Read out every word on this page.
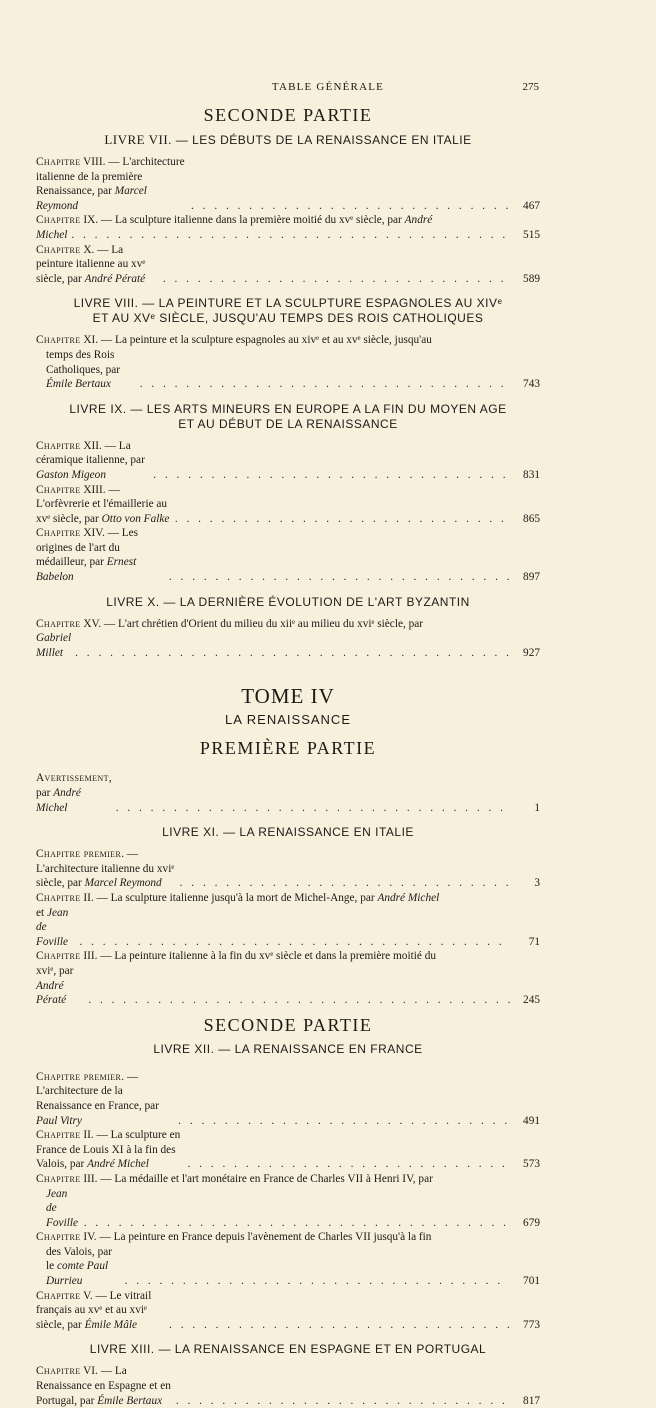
TABLE GÉNÉRALE	275
SECONDE PARTIE
LIVRE VII. — LES DÉBUTS DE LA RENAISSANCE EN ITALIE
Chapitre VIII. — L'architecture italienne de la première Renaissance, par Marcel Reymond . . .	467
Chapitre IX. — La sculpture italienne dans la première moitié du xvᵉ siècle, par André
Michel . . .	515
Chapitre X. — La peinture italienne au xvᵉ siècle, par André Pératé . . .	589
LIVRE VIII. — LA PEINTURE ET LA SCULPTURE ESPAGNOLES AU XIVᵉ
ET AU XVᵉ SIÈCLE, JUSQU'AU TEMPS DES ROIS CATHOLIQUES
Chapitre XI. — La peinture et la sculpture espagnoles au xivᵉ et au xvᵉ siècle, jusqu'au
temps des Rois Catholiques, par Émile Bertaux . . .	743
LIVRE IX. — LES ARTS MINEURS EN EUROPE A LA FIN DU MOYEN AGE
ET AU DÉBUT DE LA RENAISSANCE
Chapitre XII. — La céramique italienne, par Gaston Migeon . . .	831
Chapitre XIII. — L'orfèvrerie et l'émaillerie au xvᵉ siècle, par Otto von Falke . . .	865
Chapitre XIV. — Les origines de l'art du médailleur, par Ernest Babelon . . .	897
LIVRE X. — LA DERNIÈRE ÉVOLUTION DE L'ART BYZANTIN
Chapitre XV. — L'art chrétien d'Orient du milieu du xiiᵉ au milieu du xviᵉ siècle, par
Gabriel Millet . . .	927
TOME IV
LA RENAISSANCE
PREMIÈRE PARTIE
Avertissement, par André Michel . . .	1
LIVRE XI. — LA RENAISSANCE EN ITALIE
Chapitre premier. — L'architecture italienne du xviᵉ siècle, par Marcel Reymond . . .	3
Chapitre II. — La sculpture italienne jusqu'à la mort de Michel-Ange, par André Michel
et Jean de Foville . . .	71
Chapitre III. — La peinture italienne à la fin du xvᵉ siècle et dans la première moitié du
xviᵉ, par André Pératé . . .	245
SECONDE PARTIE
LIVRE XII. — LA RENAISSANCE EN FRANCE
Chapitre premier. — L'architecture de la Renaissance en France, par Paul Vitry . . .	491
Chapitre II. — La sculpture en France de Louis XI à la fin des Valois, par André Michel . . .	573
Chapitre III. — La médaille et l'art monétaire en France de Charles VII à Henri IV, par
Jean de Foville . . .	679
Chapitre IV. — La peinture en France depuis l'avènement de Charles VII jusqu'à la fin
des Valois, par le comte Paul Durrieu . . .	701
Chapitre V. — Le vitrail français au xvᵉ et au xviᵉ siècle, par Émile Mâle . . .	773
LIVRE XIII. — LA RENAISSANCE EN ESPAGNE ET EN PORTUGAL
Chapitre VI. — La Renaissance en Espagne et en Portugal, par Émile Bertaux . . .	817
